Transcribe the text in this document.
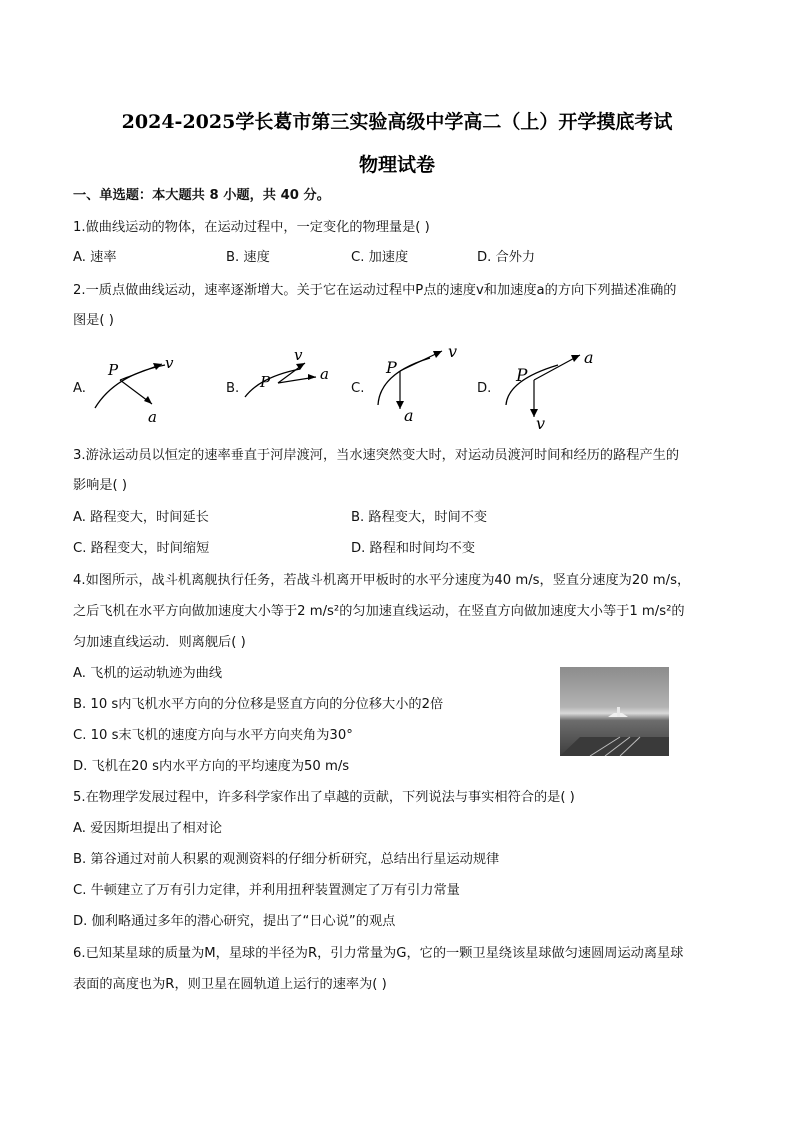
2024-2025学长葛市第三实验高级中学高二（上）开学摸底考试
物理试卷
一、单选题：本大题共 8 小题，共 40 分。
1.做曲线运动的物体，在运动过程中，一定变化的物理量是( )
A. 速率	B. 速度	C. 加速度	D. 合外力
2.一质点做曲线运动，速率逐渐增大。关于它在运动过程中P点的速度v和加速度a的方向下列描述准确的
图是( )
A.
P	v
a
B. P
v
a
C.
P
v
a
D.
P
a
v
3.游泳运动员以恒定的速率垂直于河岸渡河，当水速突然变大时，对运动员渡河时间和经历的路程产生的
影响是( )
A. 路程变大，时间延长	B. 路程变大，时间不变
C. 路程变大，时间缩短	D. 路程和时间均不变
4.如图所示，战斗机离舰执行任务，若战斗机离开甲板时的水平分速度为40 m/s，竖直分速度为20 m/s，
之后飞机在水平方向做加速度大小等于2 m/s²的匀加速直线运动，在竖直方向做加速度大小等于1 m/s²的
匀加速直线运动．则离舰后( )
A. 飞机的运动轨迹为曲线
B. 10 s内飞机水平方向的分位移是竖直方向的分位移大小的2倍
C. 10 s末飞机的速度方向与水平方向夹角为30°
D. 飞机在20 s内水平方向的平均速度为50 m/s
5.在物理学发展过程中，许多科学家作出了卓越的贡献，下列说法与事实相符合的是( )
A. 爱因斯坦提出了相对论
B. 第谷通过对前人积累的观测资料的仔细分析研究，总结出行星运动规律
C. 牛顿建立了万有引力定律，并利用扭秤装置测定了万有引力常量
D. 伽利略通过多年的潜心研究，提出了“日心说”的观点
6.已知某星球的质量为M，星球的半径为R，引力常量为G，它的一颗卫星绕该星球做匀速圆周运动离星球
表面的高度也为R，则卫星在圆轨道上运行的速率为( )
